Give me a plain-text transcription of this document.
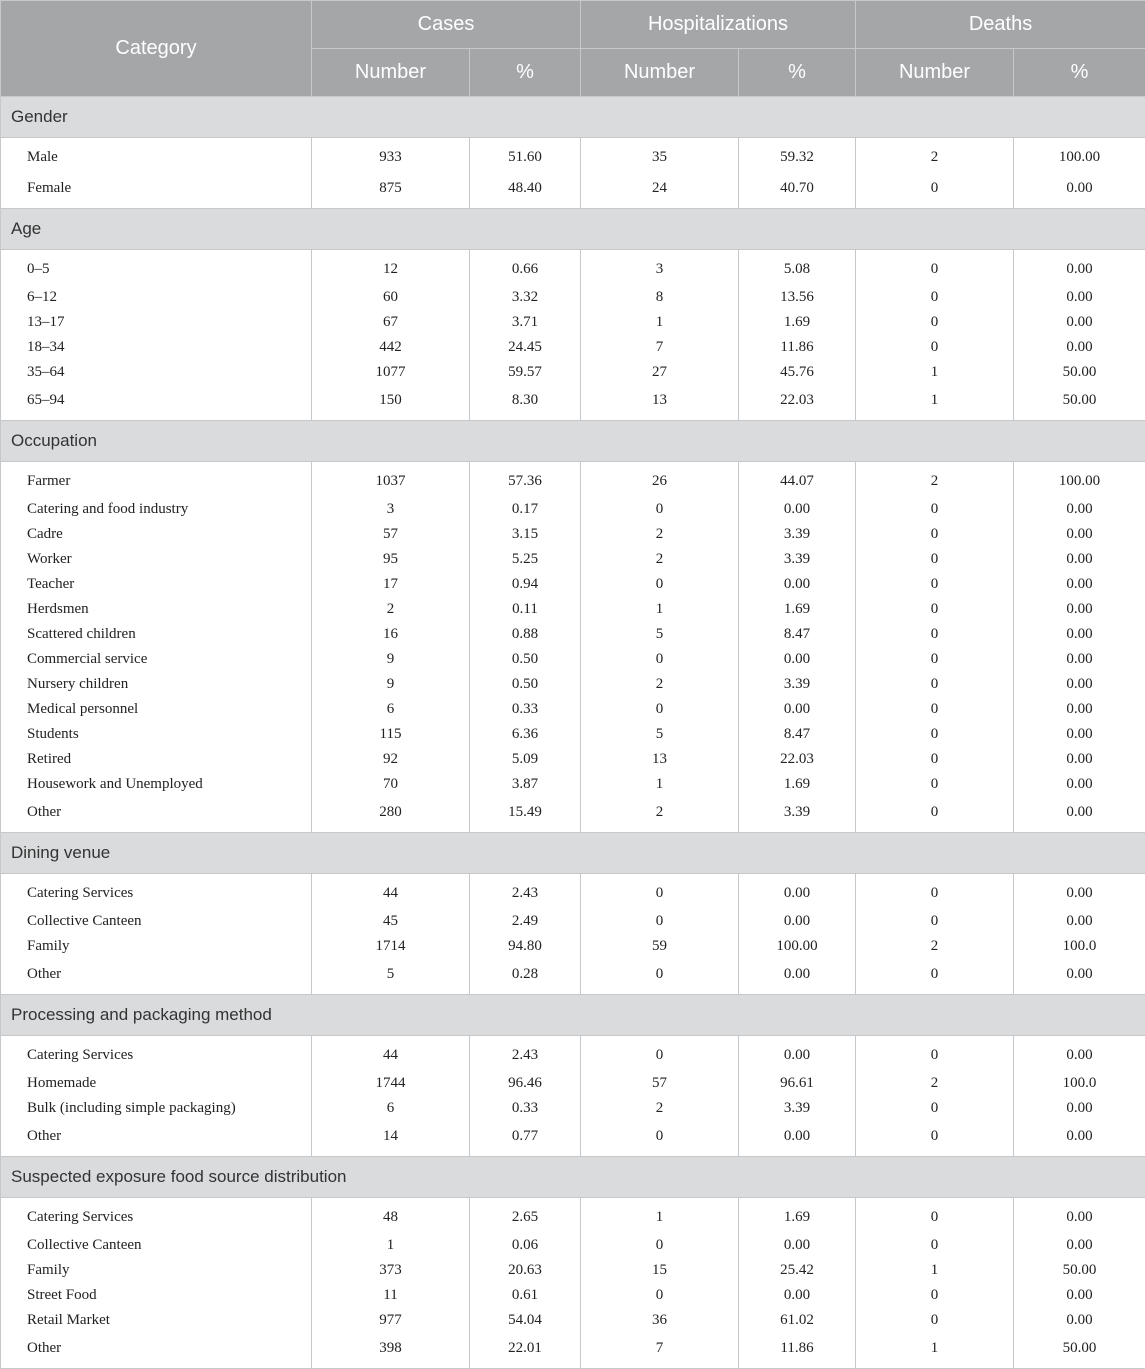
Category	Cases		Hospitalizations		Deaths	
	Number	%	Number	%	Number	%
Gender						
Male	933	51.60	35	59.32	2	100.00
Female	875	48.40	24	40.70	0	0.00
Age						
0–5	12	0.66	3	5.08	0	0.00
6–12	60	3.32	8	13.56	0	0.00
13–17	67	3.71	1	1.69	0	0.00
18–34	442	24.45	7	11.86	0	0.00
35–64	1077	59.57	27	45.76	1	50.00
65–94	150	8.30	13	22.03	1	50.00
Occupation						
Farmer	1037	57.36	26	44.07	2	100.00
Catering and food industry	3	0.17	0	0.00	0	0.00
Cadre	57	3.15	2	3.39	0	0.00
Worker	95	5.25	2	3.39	0	0.00
Teacher	17	0.94	0	0.00	0	0.00
Herdsmen	2	0.11	1	1.69	0	0.00
Scattered children	16	0.88	5	8.47	0	0.00
Commercial service	9	0.50	0	0.00	0	0.00
Nursery children	9	0.50	2	3.39	0	0.00
Medical personnel	6	0.33	0	0.00	0	0.00
Students	115	6.36	5	8.47	0	0.00
Retired	92	5.09	13	22.03	0	0.00
Housework and Unemployed	70	3.87	1	1.69	0	0.00
Other	280	15.49	2	3.39	0	0.00
Dining venue						
Catering Services	44	2.43	0	0.00	0	0.00
Collective Canteen	45	2.49	0	0.00	0	0.00
Family	1714	94.80	59	100.00	2	100.0
Other	5	0.28	0	0.00	0	0.00
Processing and packaging method						
Catering Services	44	2.43	0	0.00	0	0.00
Homemade	1744	96.46	57	96.61	2	100.0
Bulk (including simple packaging)	6	0.33	2	3.39	0	0.00
Other	14	0.77	0	0.00	0	0.00
Suspected exposure food source distribution						
Catering Services	48	2.65	1	1.69	0	0.00
Collective Canteen	1	0.06	0	0.00	0	0.00
Family	373	20.63	15	25.42	1	50.00
Street Food	11	0.61	0	0.00	0	0.00
Retail Market	977	54.04	36	61.02	0	0.00
Other	398	22.01	7	11.86	1	50.00
